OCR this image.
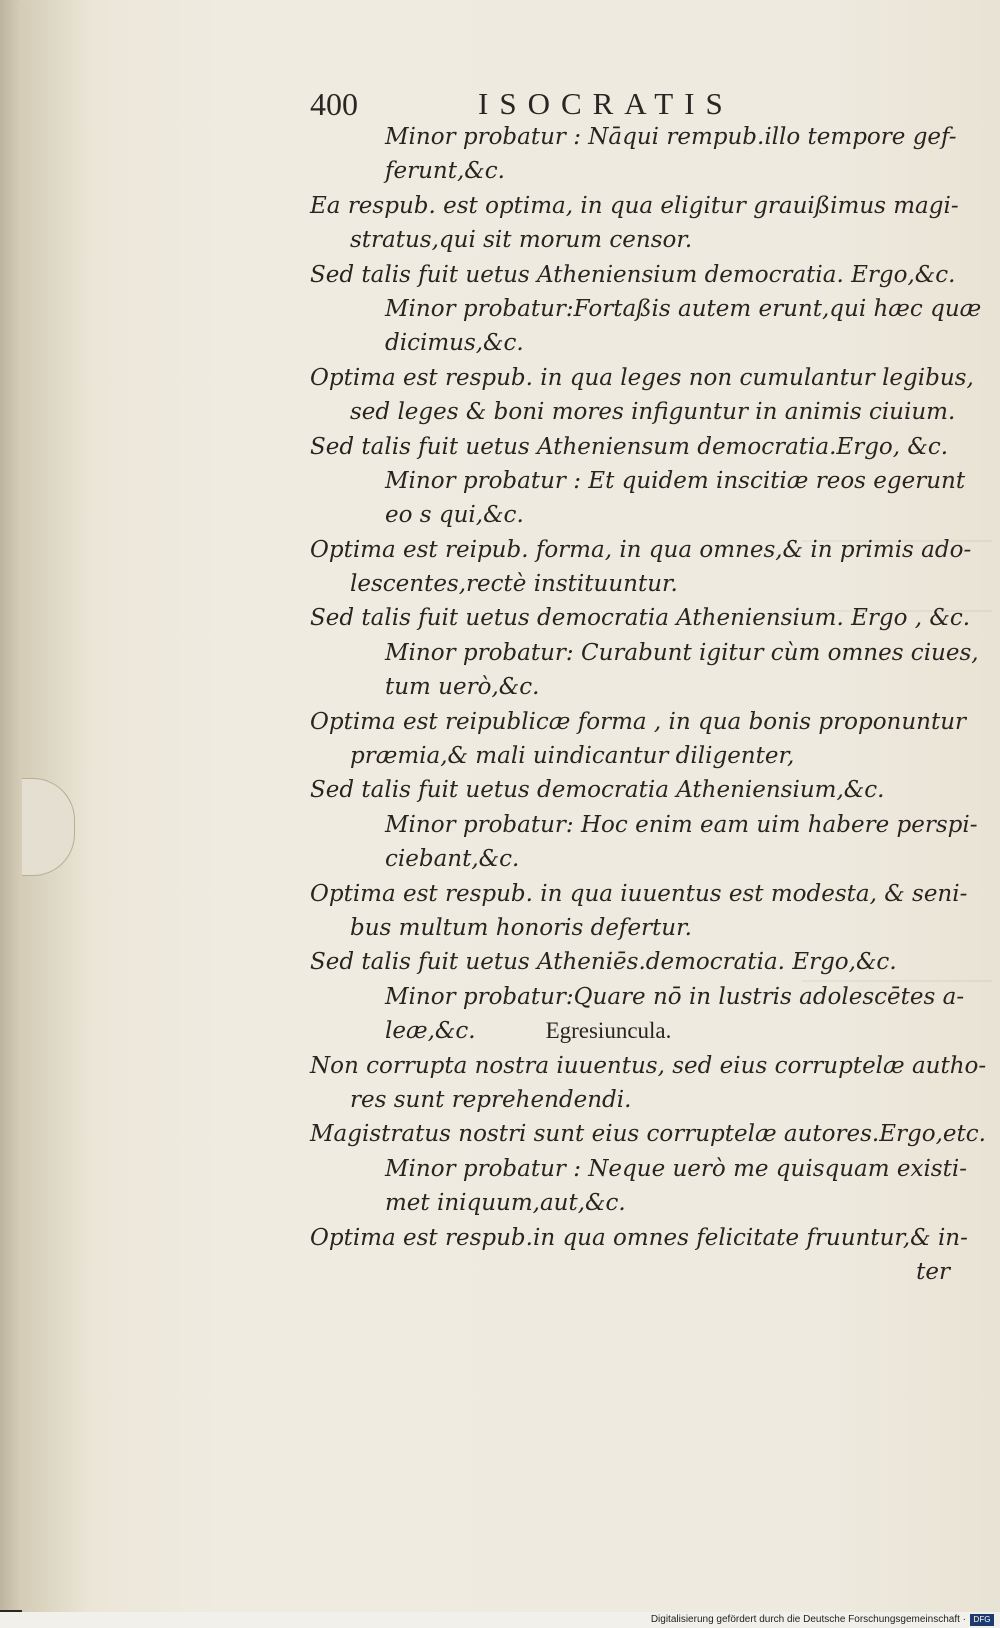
400	ISOCRATIS
Minor probatur : Nāqui rempub.illo tempore gef-
ferunt,&c.
Ea respub. est optima, in qua eligitur grauißimus magi-
stratus,qui sit morum censor.
Sed talis fuit uetus Atheniensium democratia. Ergo,&c.
Minor probatur:Fortaßis autem erunt,qui hæc quæ
dicimus,&c.
Optima est respub. in qua leges non cumulantur legibus,
sed leges & boni mores infiguntur in animis ciuium.
Sed talis fuit uetus Atheniensum democratia.Ergo, &c.
Minor probatur : Et quidem inscitiæ reos egerunt
eo s qui,&c.
Optima est reipub. forma, in qua omnes,& in primis ado-
lescentes,rectè instituuntur.
Sed talis fuit uetus democratia Atheniensium. Ergo , &c.
Minor probatur: Curabunt igitur cùm omnes ciues,
tum uerò,&c.
Optima est reipublicæ forma , in qua bonis proponuntur
præmia,& mali uindicantur diligenter,
Sed talis fuit uetus democratia Atheniensium,&c.
Minor probatur: Hoc enim eam uim habere perspi-
ciebant,&c.
Optima est respub. in qua iuuentus est modesta, & seni-
bus multum honoris defertur.
Sed talis fuit uetus Atheniēs.democratia. Ergo,&c.
Minor probatur:Quare nō in lustris adolescētes a-
leæ,&c.	Egresiuncula.
Non corrupta nostra iuuentus, sed eius corruptelæ autho-
res sunt reprehendendi.
Magistratus nostri sunt eius corruptelæ autores.Ergo,etc.
Minor probatur : Neque uerò me quisquam existi-
met iniquum,aut,&c.
Optima est respub.in qua omnes felicitate fruuntur,& in-
ter
Digitalisierung gefördert durch die Deutsche Forschungsgemeinschaft · DFG
